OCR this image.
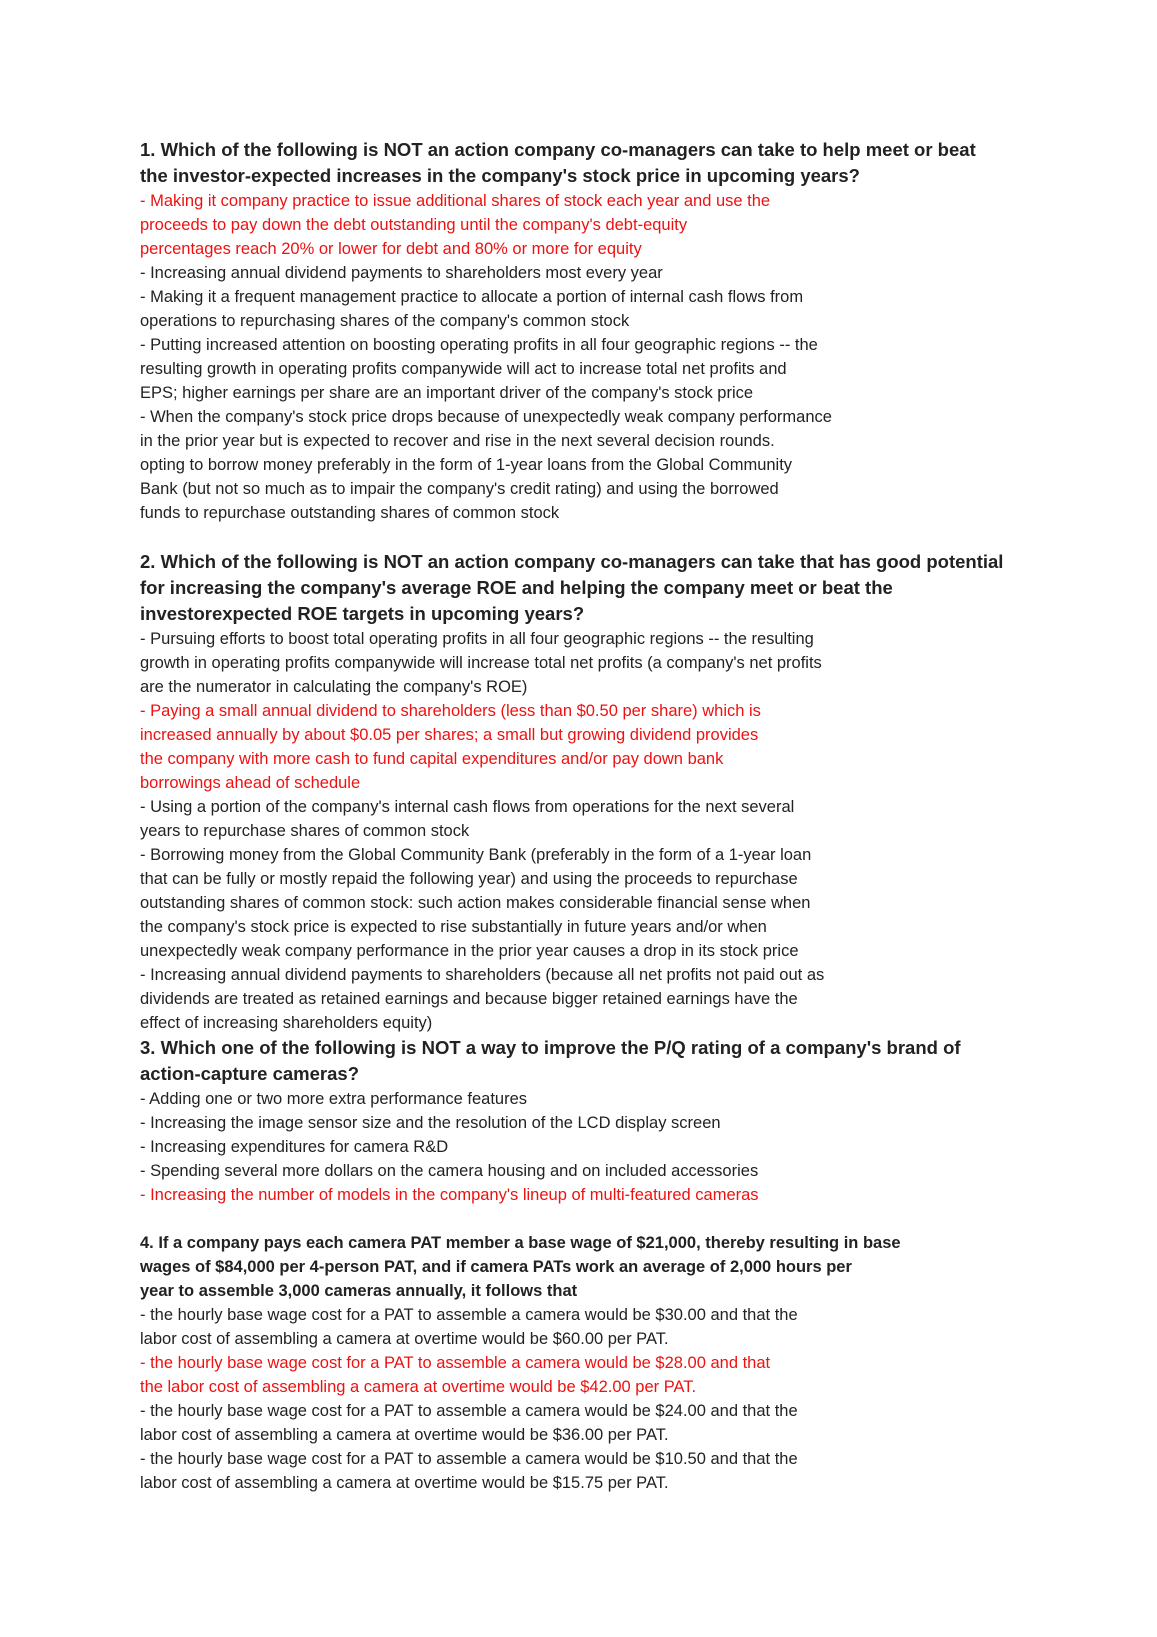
1. Which of the following is NOT an action company co-managers can take to help meet or beat

the investor-expected increases in the company's stock price in upcoming years?

- Making it company practice to issue additional shares of stock each year and use the

proceeds to pay down the debt outstanding until the company's debt-equity

percentages reach 20% or lower for debt and 80% or more for equity

- Increasing annual dividend payments to shareholders most every year

- Making it a frequent management practice to allocate a portion of internal cash flows from

operations to repurchasing shares of the company's common stock

- Putting increased attention on boosting operating profits in all four geographic regions -- the

resulting growth in operating profits companywide will act to increase total net profits and

EPS; higher earnings per share are an important driver of the company's stock price

- When the company's stock price drops because of unexpectedly weak company performance

in the prior year but is expected to recover and rise in the next several decision rounds.

opting to borrow money preferably in the form of 1-year loans from the Global Community

Bank (but not so much as to impair the company's credit rating) and using the borrowed

funds to repurchase outstanding shares of common stock

2. Which of the following is NOT an action company co-managers can take that has good potential

for increasing the company's average ROE and helping the company meet or beat the

investorexpected ROE targets in upcoming years?

- Pursuing efforts to boost total operating profits in all four geographic regions -- the resulting

growth in operating profits companywide will increase total net profits (a company's net profits

are the numerator in calculating the company's ROE)

- Paying a small annual dividend to shareholders (less than $0.50 per share) which is

increased annually by about $0.05 per shares; a small but growing dividend provides

the company with more cash to fund capital expenditures and/or pay down bank

borrowings ahead of schedule

- Using a portion of the company's internal cash flows from operations for the next several

years to repurchase shares of common stock

- Borrowing money from the Global Community Bank (preferably in the form of a 1-year loan

that can be fully or mostly repaid the following year) and using the proceeds to repurchase

outstanding shares of common stock: such action makes considerable financial sense when

the company's stock price is expected to rise substantially in future years and/or when

unexpectedly weak company performance in the prior year causes a drop in its stock price

- Increasing annual dividend payments to shareholders (because all net profits not paid out as

dividends are treated as retained earnings and because bigger retained earnings have the

effect of increasing shareholders equity)

3. Which one of the following is NOT a way to improve the P/Q rating of a company's brand of

action-capture cameras?

- Adding one or two more extra performance features

- Increasing the image sensor size and the resolution of the LCD display screen

- Increasing expenditures for camera R&D

- Spending several more dollars on the camera housing and on included accessories

- Increasing the number of models in the company's lineup of multi-featured cameras

4. If a company pays each camera PAT member a base wage of $21,000, thereby resulting in base

wages of $84,000 per 4-person PAT, and if camera PATs work an average of 2,000 hours per

year to assemble 3,000 cameras annually, it follows that

- the hourly base wage cost for a PAT to assemble a camera would be $30.00 and that the

labor cost of assembling a camera at overtime would be $60.00 per PAT.

- the hourly base wage cost for a PAT to assemble a camera would be $28.00 and that

the labor cost of assembling a camera at overtime would be $42.00 per PAT.

- the hourly base wage cost for a PAT to assemble a camera would be $24.00 and that the

labor cost of assembling a camera at overtime would be $36.00 per PAT.

- the hourly base wage cost for a PAT to assemble a camera would be $10.50 and that the

labor cost of assembling a camera at overtime would be $15.75 per PAT.
